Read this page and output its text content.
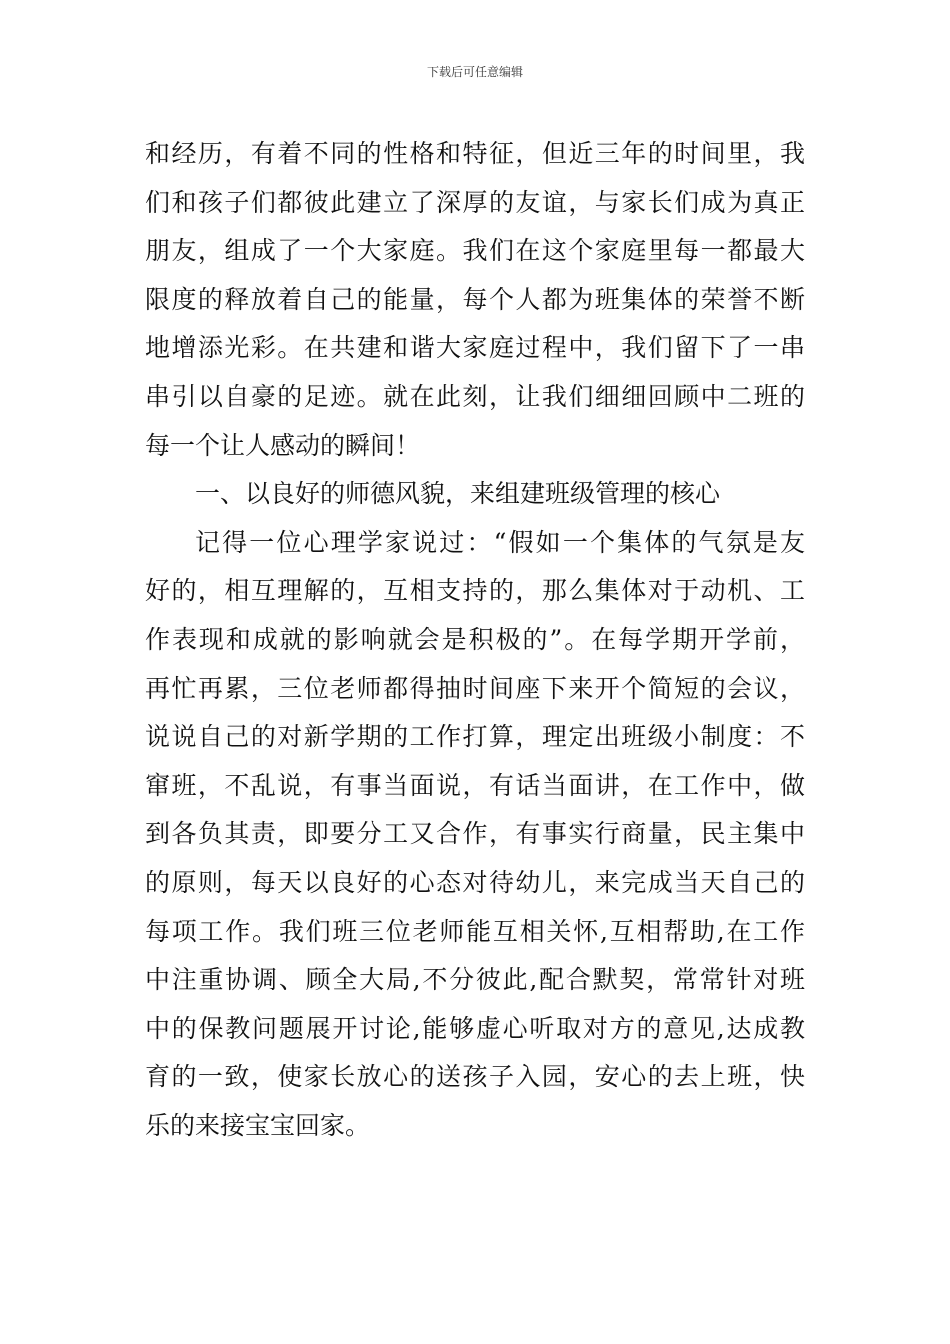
下载后可任意编辑
和经历，有着不同的性格和特征，但近三年的时间里，我
们和孩子们都彼此建立了深厚的友谊，与家长们成为真正
朋友，组成了一个大家庭。我们在这个家庭里每一都最大
限度的释放着自己的能量，每个人都为班集体的荣誉不断
地增添光彩。在共建和谐大家庭过程中，我们留下了一串
串引以自豪的足迹。就在此刻，让我们细细回顾中二班的
每一个让人感动的瞬间！
一、以良好的师德风貌，来组建班级管理的核心
记得一位心理学家说过：“假如一个集体的气氛是友
好的，相互理解的，互相支持的，那么集体对于动机、工
作表现和成就的影响就会是积极的”。在每学期开学前，
再忙再累，三位老师都得抽时间座下来开个简短的会议，
说说自己的对新学期的工作打算，理定出班级小制度：不
窜班，不乱说，有事当面说，有话当面讲，在工作中，做
到各负其责，即要分工又合作，有事实行商量，民主集中
的原则，每天以良好的心态对待幼儿，来完成当天自己的
每项工作。我们班三位老师能互相关怀,互相帮助,在工作
中注重协调、顾全大局,不分彼此,配合默契，常常针对班
中的保教问题展开讨论,能够虚心听取对方的意见,达成教
育的一致，使家长放心的送孩子入园，安心的去上班，快
乐的来接宝宝回家。
